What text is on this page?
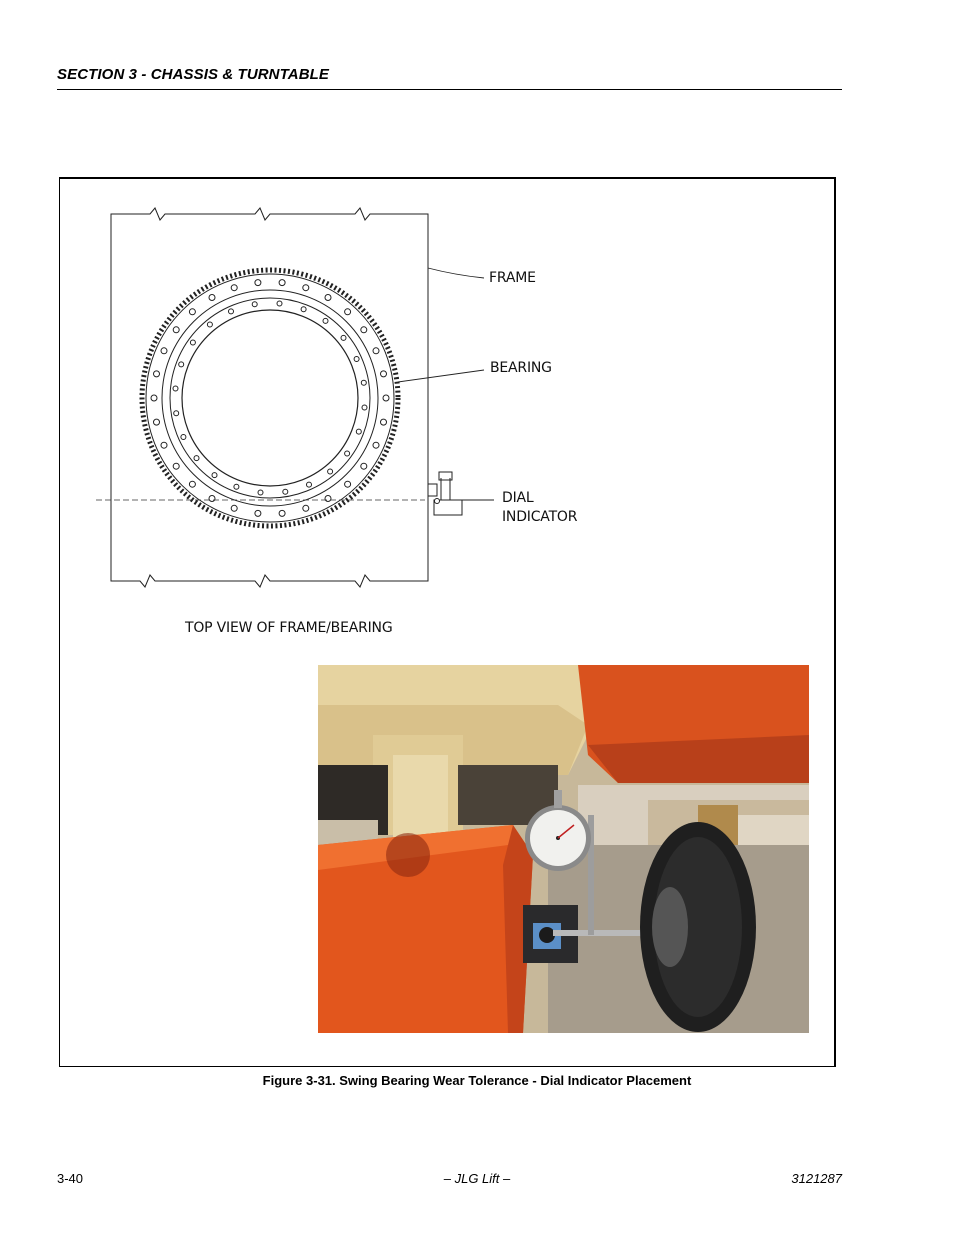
SECTION 3 - CHASSIS & TURNTABLE
FRAME
BEARING
DIAL
INDICATOR
TOP VIEW OF FRAME/BEARING
Figure 3-31. Swing Bearing Wear Tolerance - Dial Indicator Placement
3-40	– JLG Lift –	3121287
